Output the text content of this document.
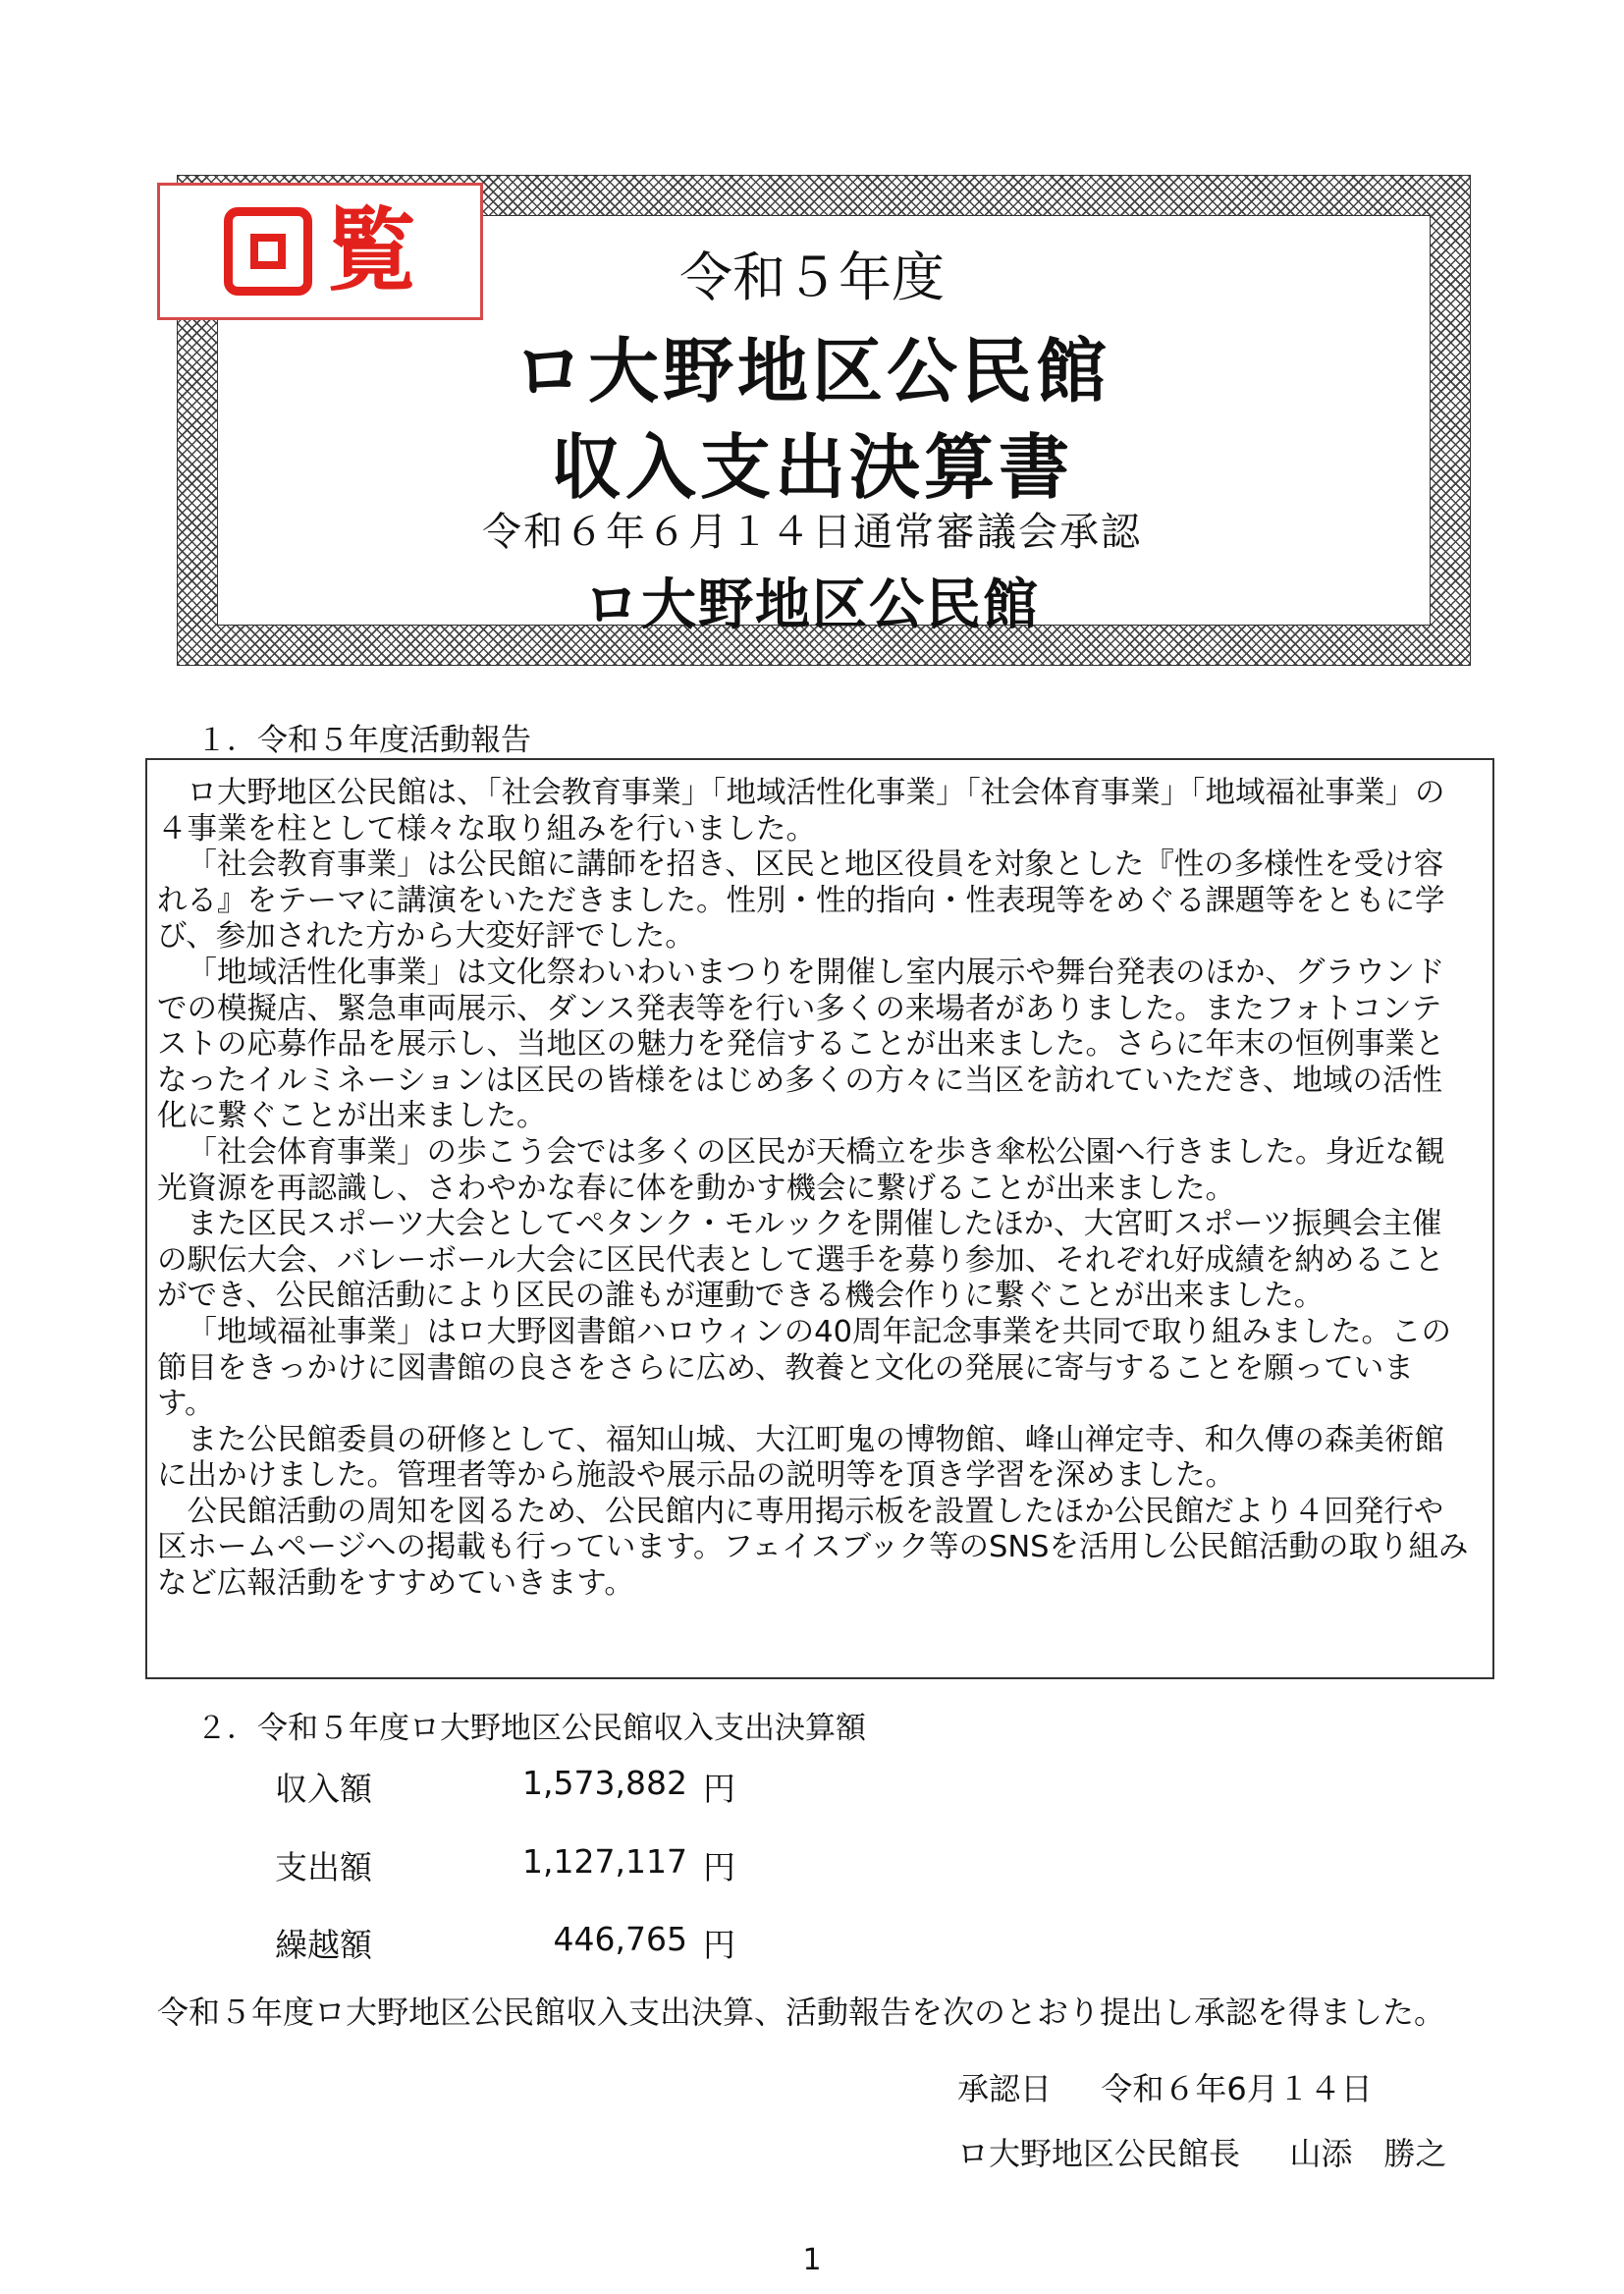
覧	令和５年度
ロ大野地区公民館
収入支出決算書
令和６年６月１４日通常審議会承認
ロ大野地区公民館
１．令和５年度活動報告

ロ大野地区公民館は、「社会教育事業」「地域活性化事業」「社会体育事業」「地域福祉事業」の４事業を柱として様々な取り組みを行いました。

「社会教育事業」は公民館に講師を招き、区民と地区役員を対象とした『性の多様性を受け容れる』をテーマに講演をいただきました。性別・性的指向・性表現等をめぐる課題等をともに学び、参加された方から大変好評でした。

「地域活性化事業」は文化祭わいわいまつりを開催し室内展示や舞台発表のほか、グラウンドでの模擬店、緊急車両展示、ダンス発表等を行い多くの来場者がありました。またフォトコンテストの応募作品を展示し、当地区の魅力を発信することが出来ました。さらに年末の恒例事業となったイルミネーションは区民の皆様をはじめ多くの方々に当区を訪れていただき、地域の活性化に繋ぐことが出来ました。

「社会体育事業」の歩こう会では多くの区民が天橋立を歩き傘松公園へ行きました。身近な観光資源を再認識し、さわやかな春に体を動かす機会に繋げることが出来ました。

また区民スポーツ大会としてペタンク・モルックを開催したほか、大宮町スポーツ振興会主催の駅伝大会、バレーボール大会に区民代表として選手を募り参加、それぞれ好成績を納めることができ、公民館活動により区民の誰もが運動できる機会作りに繋ぐことが出来ました。

「地域福祉事業」はロ大野図書館ハロウィンの40周年記念事業を共同で取り組みました。この節目をきっかけに図書館の良さをさらに広め、教養と文化の発展に寄与することを願っています。

また公民館委員の研修として、福知山城、大江町鬼の博物館、峰山禅定寺、和久傳の森美術館に出かけました。管理者等から施設や展示品の説明等を頂き学習を深めました。

公民館活動の周知を図るため、公民館内に専用掲示板を設置したほか公民館だより４回発行や区ホームページへの掲載も行っています。フェイスブック等のSNSを活用し公民館活動の取り組みなど広報活動をすすめていきます。

２．令和５年度ロ大野地区公民館収入支出決算額
収入額	1,573,882 円
支出額	1,127,117 円
繰越額	446,765 円
令和５年度ロ大野地区公民館収入支出決算、活動報告を次のとおり提出し承認を得ました。
承認日 令和６年6月１４日
ロ大野地区公民館長 山添　勝之
1
